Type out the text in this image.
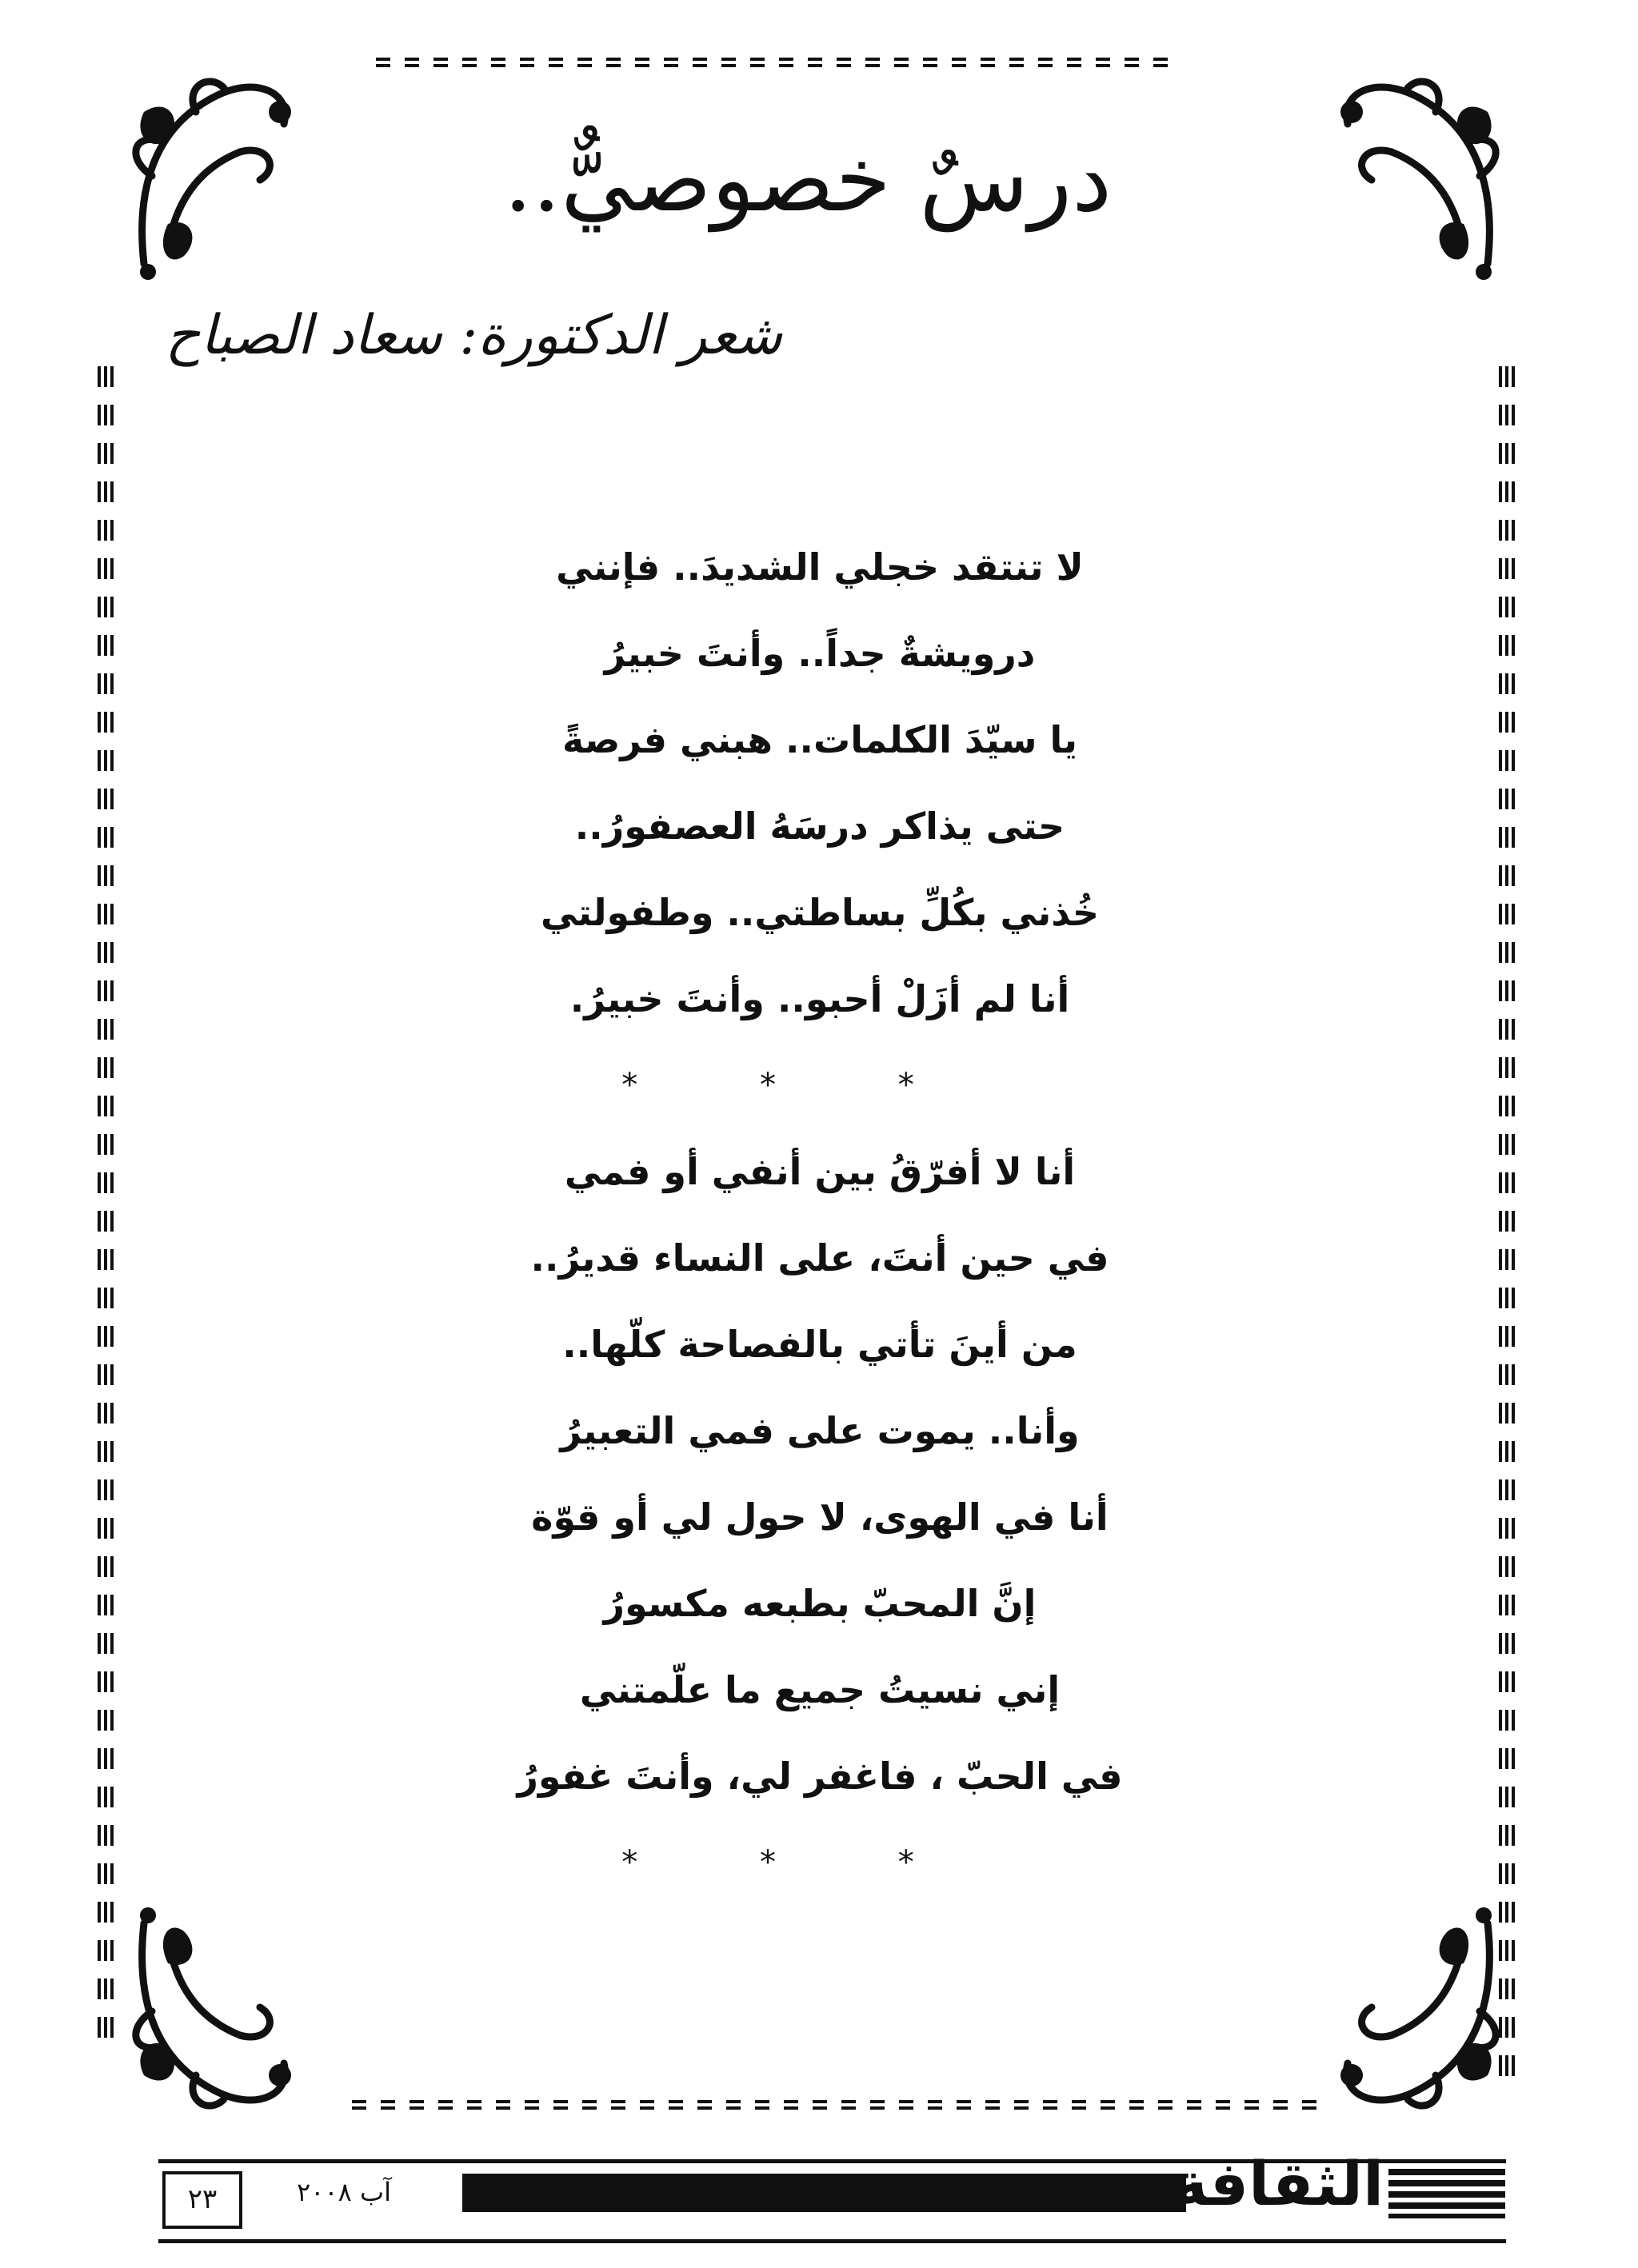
درسٌ خصوصيٌّ..
شعر الدكتورة: سعاد الصباح
لا تنتقد خجلي الشديدَ.. فإنني
درويشةٌ جداً.. وأنتَ خبيرُ
يا سيّدَ الكلمات.. هبني فرصةً
حتى يذاكر درسَهُ العصفورُ..
خُذني بكُلِّ بساطتي.. وطفولتي
أنا لم أزَلْ أحبو.. وأنتَ خبيرُ.
* * *
أنا لا أفرّقُ بين أنفي أو فمي
في حين أنتَ، على النساء قديرُ..
من أينَ تأتي بالفصاحة كلّها..
وأنا.. يموت على فمي التعبيرُ
أنا في الهوى، لا حول لي أو قوّة
إنَّ المحبّ بطبعه مكسورُ
إني نسيتُ جميع ما علّمتني
في الحبّ ، فاغفر لي، وأنتَ غفورُ
* * *
٢٣	آب ٢٠٠٨	الثقافة
